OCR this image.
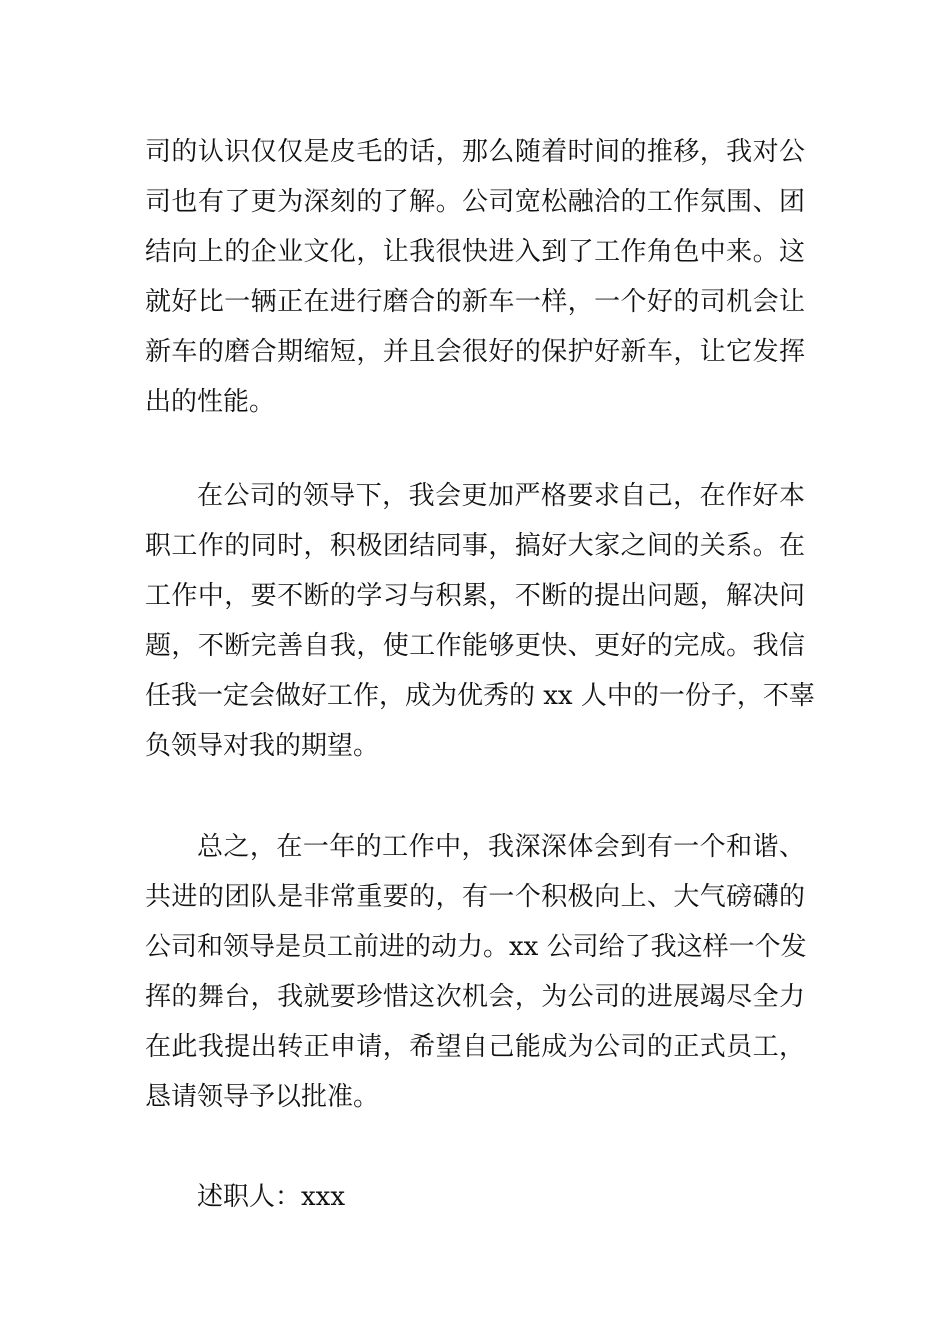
司的认识仅仅是皮毛的话，那么随着时间的推移，我对公
司也有了更为深刻的了解。公司宽松融洽的工作氛围、团
结向上的企业文化，让我很快进入到了工作角色中来。这
就好比一辆正在进行磨合的新车一样，一个好的司机会让
新车的磨合期缩短，并且会很好的保护好新车，让它发挥
出的性能。
在公司的领导下，我会更加严格要求自己，在作好本
职工作的同时，积极团结同事，搞好大家之间的关系。在
工作中，要不断的学习与积累，不断的提出问题，解决问
题，不断完善自我，使工作能够更快、更好的完成。我信
任我一定会做好工作，成为优秀的 xx 人中的一份子，不辜
负领导对我的期望。
总之，在一年的工作中，我深深体会到有一个和谐、
共进的团队是非常重要的，有一个积极向上、大气磅礴的
公司和领导是员工前进的动力。xx 公司给了我这样一个发
挥的舞台，我就要珍惜这次机会，为公司的进展竭尽全力
在此我提出转正申请，希望自己能成为公司的正式员工，
恳请领导予以批准。
述职人：xxx
